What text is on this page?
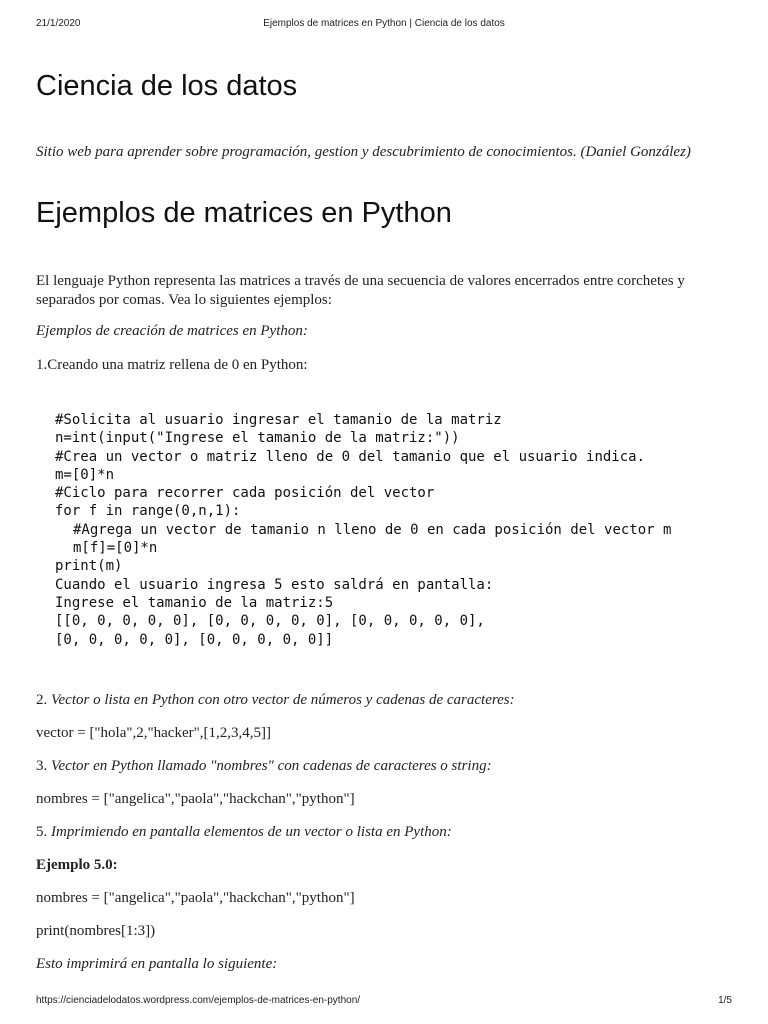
21/1/2020	Ejemplos de matrices en Python | Ciencia de los datos
Ciencia de los datos

Sitio web para aprender sobre programación, gestion y descubrimiento de conocimientos. (Daniel González)

Ejemplos de matrices en Python

El lenguaje Python representa las matrices a través de una secuencia de valores encerrados entre corchetes y separados por comas. Vea lo siguientes ejemplos:

Ejemplos de creación de matrices en Python:

1.Creando una matriz rellena de 0 en Python:

#Solicita al usuario ingresar el tamanio de la matriz
n=int(input("Ingrese el tamanio de la matriz:"))
#Crea un vector o matriz lleno de 0 del tamanio que el usuario indica.
m=[0]*n
#Ciclo para recorrer cada posición del vector
for f in range(0,n,1):
#Agrega un vector de tamanio n lleno de 0 en cada posición del vector m
m[f]=[0]*n
print(m)
Cuando el usuario ingresa 5 esto saldrá en pantalla:
Ingrese el tamanio de la matriz:5
[[0, 0, 0, 0, 0], [0, 0, 0, 0, 0], [0, 0, 0, 0, 0],
[0, 0, 0, 0, 0], [0, 0, 0, 0, 0]]

2. Vector o lista en Python con otro vector de números y cadenas de caracteres:

vector = ["hola",2,"hacker",[1,2,3,4,5]]

3. Vector en Python llamado "nombres" con cadenas de caracteres o string:

nombres = ["angelica","paola","hackchan","python"]

5. Imprimiendo en pantalla elementos de un vector o lista en Python:

Ejemplo 5.0:

nombres = ["angelica","paola","hackchan","python"]

print(nombres[1:3])

Esto imprimirá en pantalla lo siguiente:

https://cienciadelodatos.wordpress.com/ejemplos-de-matrices-en-python/	1/5
